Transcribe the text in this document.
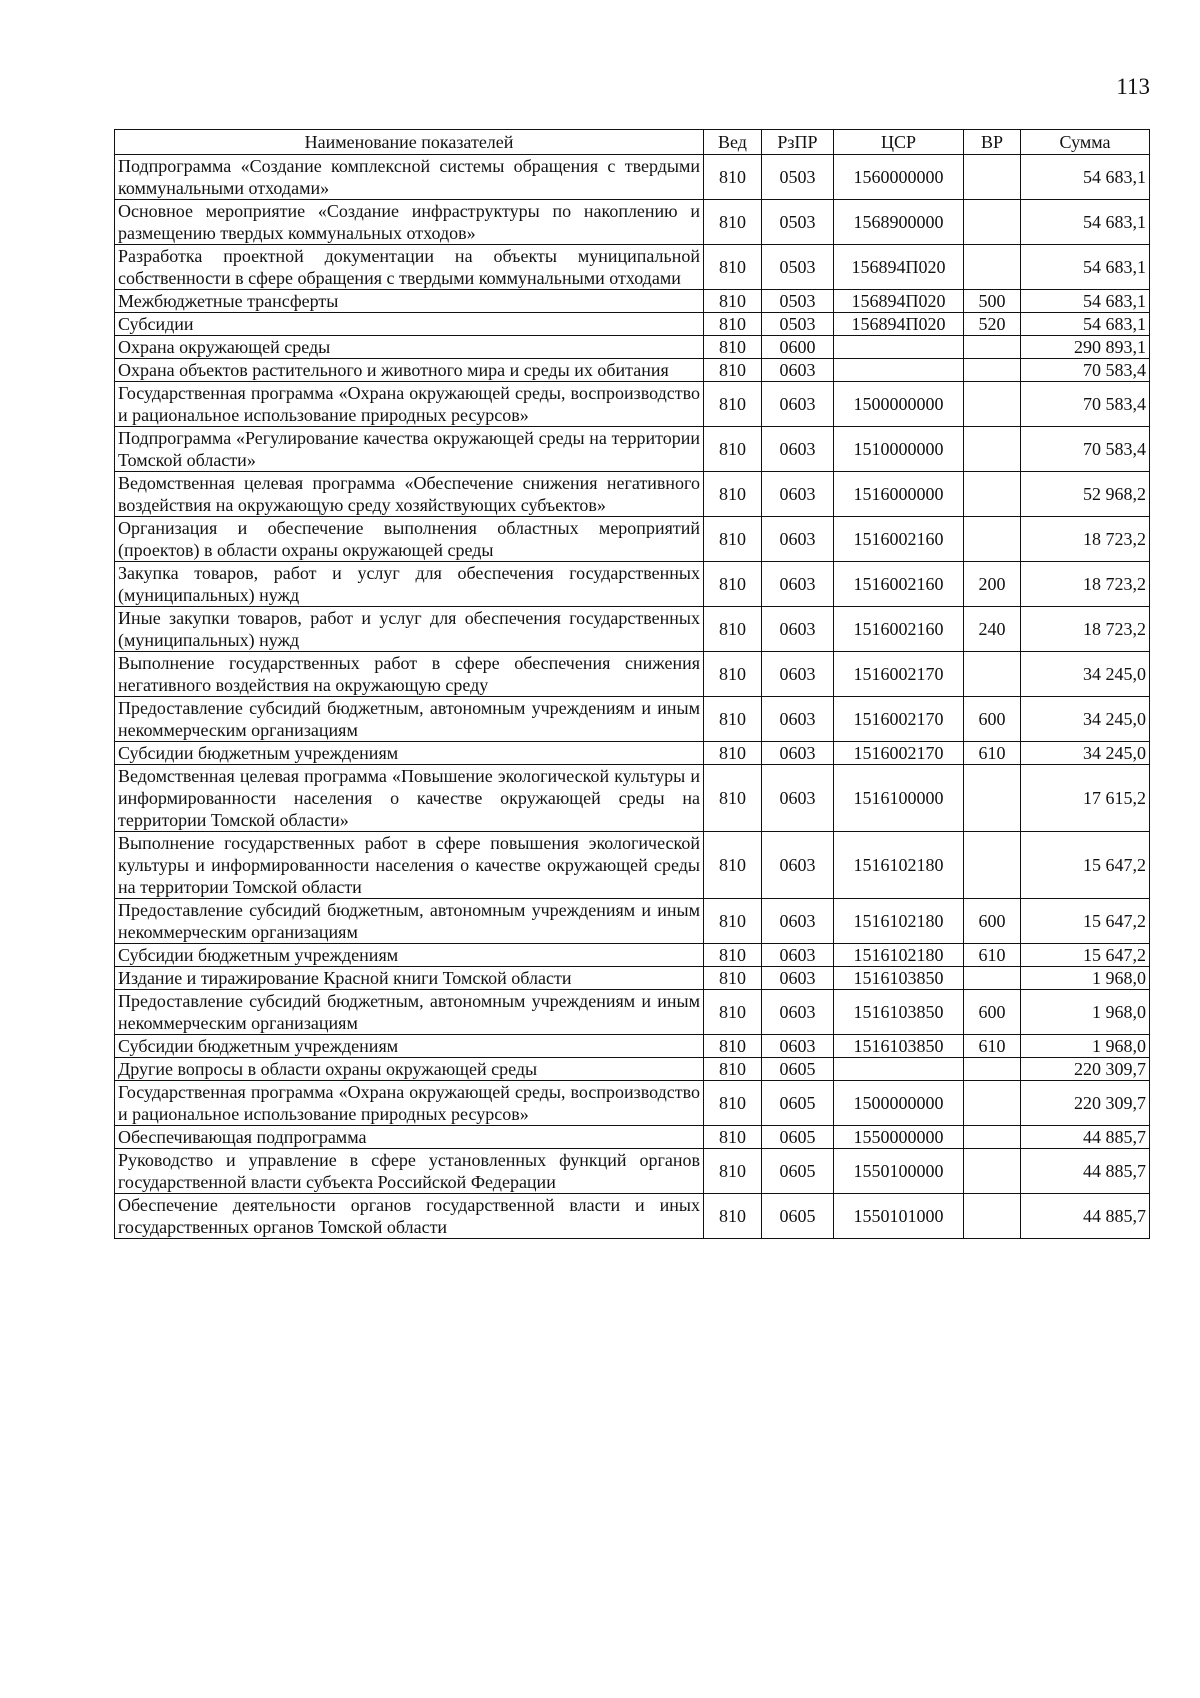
113
Наименование показателей	Вед	РзПР	ЦСР	ВР	Сумма
Подпрограмма «Создание комплексной системы обращения с твердыми коммунальными отходами»	810	0503	1560000000		54 683,1
Основное мероприятие «Создание инфраструктуры по накоплению и размещению твердых коммунальных отходов»	810	0503	1568900000		54 683,1
Разработка проектной документации на объекты муниципальной собственности в сфере обращения с твердыми коммунальными отходами	810	0503	156894П020		54 683,1
Межбюджетные трансферты	810	0503	156894П020	500	54 683,1
Субсидии	810	0503	156894П020	520	54 683,1
Охрана окружающей среды	810	0600			290 893,1
Охрана объектов растительного и животного мира и среды их обитания	810	0603			70 583,4
Государственная программа «Охрана окружающей среды, воспроизводство и рациональное использование природных ресурсов»	810	0603	1500000000		70 583,4
Подпрограмма «Регулирование качества окружающей среды на территории Томской области»	810	0603	1510000000		70 583,4
Ведомственная целевая программа «Обеспечение снижения негативного воздействия на окружающую среду хозяйствующих субъектов»	810	0603	1516000000		52 968,2
Организация и обеспечение выполнения областных мероприятий (проектов) в области охраны окружающей среды	810	0603	1516002160		18 723,2
Закупка товаров, работ и услуг для обеспечения государственных (муниципальных) нужд	810	0603	1516002160	200	18 723,2
Иные закупки товаров, работ и услуг для обеспечения государственных (муниципальных) нужд	810	0603	1516002160	240	18 723,2
Выполнение государственных работ в сфере обеспечения снижения негативного воздействия на окружающую среду	810	0603	1516002170		34 245,0
Предоставление субсидий бюджетным, автономным учреждениям и иным некоммерческим организациям	810	0603	1516002170	600	34 245,0
Субсидии бюджетным учреждениям	810	0603	1516002170	610	34 245,0
Ведомственная целевая программа «Повышение экологической культуры и информированности населения о качестве окружающей среды на территории Томской области»	810	0603	1516100000		17 615,2
Выполнение государственных работ в сфере повышения экологической культуры и информированности населения о качестве окружающей среды на территории Томской области	810	0603	1516102180		15 647,2
Предоставление субсидий бюджетным, автономным учреждениям и иным некоммерческим организациям	810	0603	1516102180	600	15 647,2
Субсидии бюджетным учреждениям	810	0603	1516102180	610	15 647,2
Издание и тиражирование Красной книги Томской области	810	0603	1516103850		1 968,0
Предоставление субсидий бюджетным, автономным учреждениям и иным некоммерческим организациям	810	0603	1516103850	600	1 968,0
Субсидии бюджетным учреждениям	810	0603	1516103850	610	1 968,0
Другие вопросы в области охраны окружающей среды	810	0605			220 309,7
Государственная программа «Охрана окружающей среды, воспроизводство и рациональное использование природных ресурсов»	810	0605	1500000000		220 309,7
Обеспечивающая подпрограмма	810	0605	1550000000		44 885,7
Руководство и управление в сфере установленных функций органов государственной власти субъекта Российской Федерации	810	0605	1550100000		44 885,7
Обеспечение деятельности органов государственной власти и иных государственных органов Томской области	810	0605	1550101000		44 885,7
